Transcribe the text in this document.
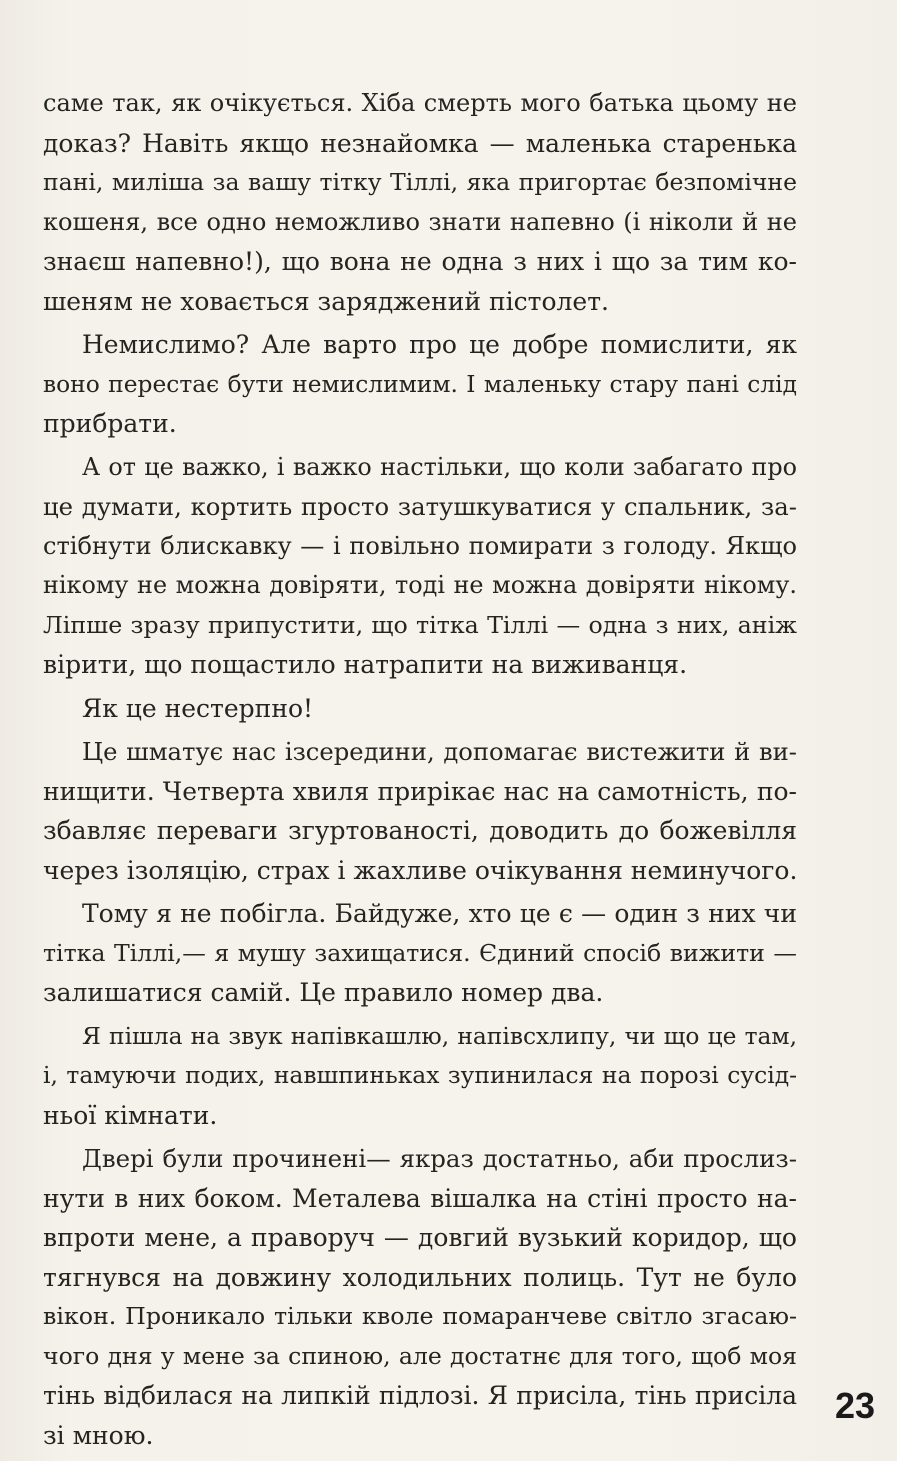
саме так, як очікується. Хіба смерть мого батька цьому не
доказ? Навіть якщо незнайомка — маленька старенька
пані, миліша за вашу тітку Тіллі, яка пригортає безпомічне
кошеня, все одно неможливо знати напевно (і ніколи й не
знаєш напевно!), що вона не одна з них і що за тим ко-
шеням не ховається заряджений пістолет.
Немислимо? Але варто про це добре помислити, як
воно перестає бути немислимим. І маленьку стару пані слід
прибрати.
А от це важко, і важко настільки, що коли забагато про
це думати, кортить просто затушкуватися у спальник, за-
стібнути блискавку — і повільно помирати з голоду. Якщо
нікому не можна довіряти, тоді не можна довіряти нікому.
Ліпше зразу припустити, що тітка Тіллі — одна з них, аніж
вірити, що пощастило натрапити на виживанця.
Як це нестерпно!
Це шматує нас ізсередини, допомагає вистежити й ви-
нищити. Четверта хвиля прирікає нас на самотність, по-
збавляє переваги згуртованості, доводить до божевілля
через ізоляцію, страх і жахливе очікування неминучого.
Тому я не побігла. Байдуже, хто це є — один з них чи
тітка Тіллі,— я мушу захищатися. Єдиний спосіб вижити —
залишатися самій. Це правило номер два.
Я пішла на звук напівкашлю, напівсхлипу, чи що це там,
і, тамуючи подих, навшпиньках зупинилася на порозі сусід-
ньої кімнати.
Двері були прочинені— якраз достатньо, аби прослиз-
нути в них боком. Металева вішалка на стіні просто на-
впроти мене, а праворуч — довгий вузький коридор, що
тягнувся на довжину холодильних полиць. Тут не було
вікон. Проникало тільки кволе помаранчеве світло згасаю-
чого дня у мене за спиною, але достатнє для того, щоб моя
тінь відбилася на липкій підлозі. Я присіла, тінь присіла
зі мною.
23
